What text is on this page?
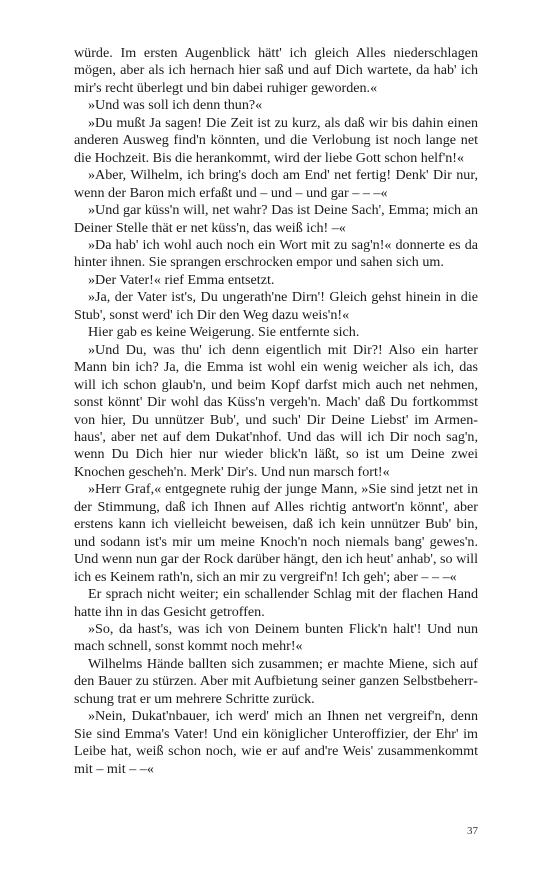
würde. Im ersten Augenblick hätt' ich gleich Alles niederschlagen mögen, aber als ich hernach hier saß und auf Dich wartete, da hab' ich mir's recht überlegt und bin dabei ruhiger geworden.«

»Und was soll ich denn thun?«

»Du mußt Ja sagen! Die Zeit ist zu kurz, als daß wir bis dahin einen anderen Ausweg find'n könnten, und die Verlobung ist noch lange net die Hochzeit. Bis die herankommt, wird der liebe Gott schon helf'n!«

»Aber, Wilhelm, ich bring's doch am End' net fertig! Denk' Dir nur, wenn der Baron mich erfaßt und – und – und gar – – –«

»Und gar küss'n will, net wahr? Das ist Deine Sach', Emma; mich an Deiner Stelle thät er net küss'n, das weiß ich! –«

»Da hab' ich wohl auch noch ein Wort mit zu sag'n!« donnerte es da hinter ihnen. Sie sprangen erschrocken empor und sahen sich um.

»Der Vater!« rief Emma entsetzt.

»Ja, der Vater ist's, Du ungerath'ne Dirn'! Gleich gehst hinein in die Stub', sonst werd' ich Dir den Weg dazu weis'n!«

Hier gab es keine Weigerung. Sie entfernte sich.

»Und Du, was thu' ich denn eigentlich mit Dir?! Also ein harter Mann bin ich? Ja, die Emma ist wohl ein wenig weicher als ich, das will ich schon glaub'n, und beim Kopf darfst mich auch net nehmen, sonst könnt' Dir wohl das Küss'n vergeh'n. Mach' daß Du fortkommst von hier, Du unnützer Bub', und such' Dir Deine Liebst' im Armenhaus', aber net auf dem Dukat'nhof. Und das will ich Dir noch sag'n, wenn Du Dich hier nur wieder blick'n läßt, so ist um Deine zwei Knochen gescheh'n. Merk' Dir's. Und nun marsch fort!«

»Herr Graf,« entgegnete ruhig der junge Mann, »Sie sind jetzt net in der Stimmung, daß ich Ihnen auf Alles richtig antwort'n könnt', aber erstens kann ich vielleicht beweisen, daß ich kein unnützer Bub' bin, und sodann ist's mir um meine Knoch'n noch niemals bang' gewes'n. Und wenn nun gar der Rock darüber hängt, den ich heut' anhab', so will ich es Keinem rath'n, sich an mir zu vergreif'n! Ich geh'; aber – – –«

Er sprach nicht weiter; ein schallender Schlag mit der flachen Hand hatte ihn in das Gesicht getroffen.

»So, da hast's, was ich von Deinem bunten Flick'n halt'! Und nun mach schnell, sonst kommt noch mehr!«

Wilhelms Hände ballten sich zusammen; er machte Miene, sich auf den Bauer zu stürzen. Aber mit Aufbietung seiner ganzen Selbstbeherrschung trat er um mehrere Schritte zurück.

»Nein, Dukat'nbauer, ich werd' mich an Ihnen net vergreif'n, denn Sie sind Emma's Vater! Und ein königlicher Unteroffizier, der Ehr' im Leibe hat, weiß schon noch, wie er auf and're Weis' zusammenkommt mit – mit – –«

37
